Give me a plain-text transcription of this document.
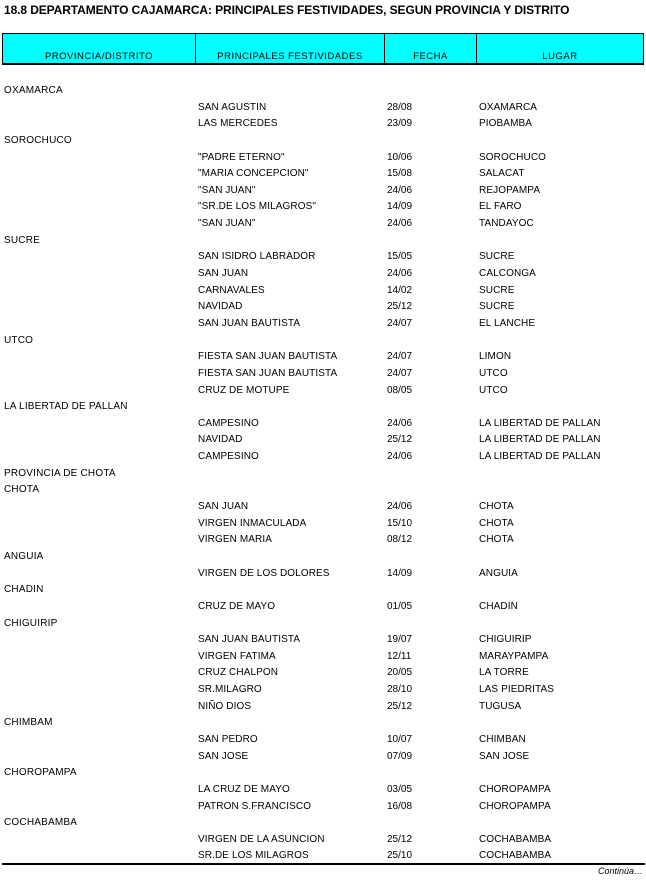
18.8 DEPARTAMENTO CAJAMARCA: PRINCIPALES FESTIVIDADES, SEGUN PROVINCIA Y DISTRITO
PROVINCIA/DISTRITO	PRINCIPALES FESTIVIDADES	FECHA	LUGAR
OXAMARCA
SAN AGUSTIN	28/08	OXAMARCA
LAS MERCEDES	23/09	PIOBAMBA
SOROCHUCO
"PADRE ETERNO"	10/06	SOROCHUCO
"MARIA CONCEPCION"	15/08	SALACAT
"SAN JUAN"	24/06	REJOPAMPA
"SR.DE LOS MILAGROS"	14/09	EL FARO
"SAN JUAN"	24/06	TANDAYOC
SUCRE
SAN ISIDRO LABRADOR	15/05	SUCRE
SAN JUAN	24/06	CALCONGA
CARNAVALES	14/02	SUCRE
NAVIDAD	25/12	SUCRE
SAN JUAN BAUTISTA	24/07	EL LANCHE
UTCO
FIESTA SAN JUAN BAUTISTA	24/07	LIMON
FIESTA SAN JUAN BAUTISTA	24/07	UTCO
CRUZ DE MOTUPE	08/05	UTCO
LA LIBERTAD DE PALLAN
CAMPESINO	24/06	LA LIBERTAD DE PALLAN
NAVIDAD	25/12	LA LIBERTAD DE PALLAN
CAMPESINO	24/06	LA LIBERTAD DE PALLAN
PROVINCIA DE CHOTA
CHOTA
SAN JUAN	24/06	CHOTA
VIRGEN INMACULADA	15/10	CHOTA
VIRGEN MARIA	08/12	CHOTA
ANGUIA
VIRGEN DE LOS DOLORES	14/09	ANGUIA
CHADIN
CRUZ DE MAYO	01/05	CHADIN
CHIGUIRIP
SAN JUAN BAUTISTA	19/07	CHIGUIRIP
VIRGEN FATIMA	12/11	MARAYPAMPA
CRUZ CHALPON	20/05	LA TORRE
SR.MILAGRO	28/10	LAS PIEDRITAS
NIÑO DIOS	25/12	TUGUSA
CHIMBAM
SAN PEDRO	10/07	CHIMBAN
SAN JOSE	07/09	SAN JOSE
CHOROPAMPA
LA CRUZ DE MAYO	03/05	CHOROPAMPA
PATRON S.FRANCISCO	16/08	CHOROPAMPA
COCHABAMBA
VIRGEN DE LA ASUNCION	25/12	COCHABAMBA
SR.DE LOS MILAGROS	25/10	COCHABAMBA
Continúa…
